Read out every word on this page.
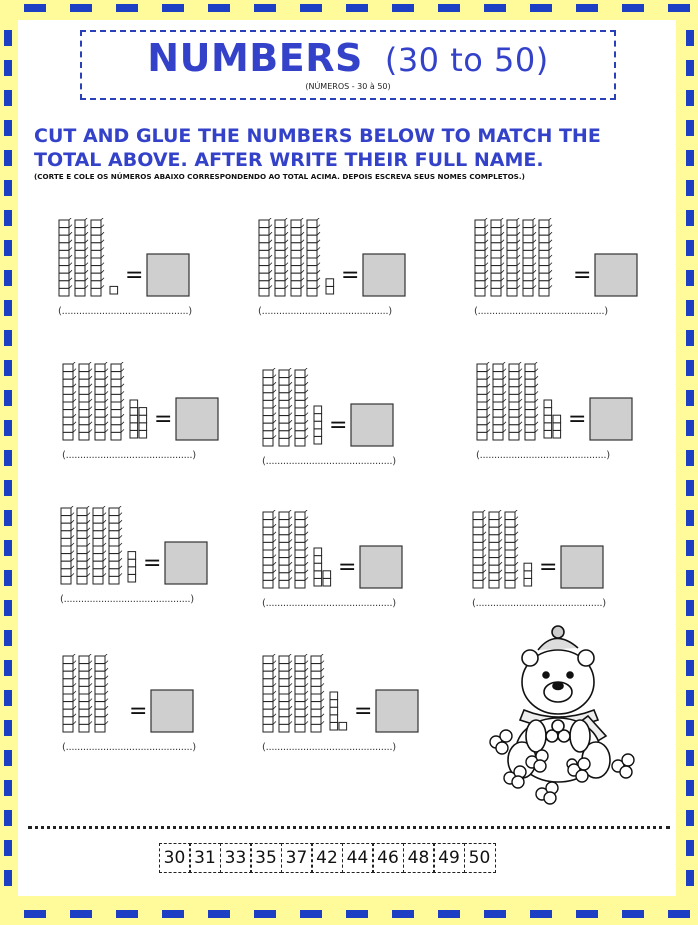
NUMBERS (30 to 50)
(NÚMEROS - 30 à 50)
CUT AND GLUE THE NUMBERS BELOW TO MATCH THE TOTAL ABOVE. AFTER WRITE THEIR FULL NAME.
(CORTE E COLE OS NÚMEROS ABAIXO CORRESPONDENDO AO TOTAL ACIMA. DEPOIS ESCREVA SEUS NOMES COMPLETOS.)
=
(............................................)
=
(............................................)
=
(............................................)
=
(............................................)
=
(............................................)
=
(............................................)
=
(............................................)
=
(............................................)
=
(............................................)
=
(............................................)
=
(............................................)
30 31 33 35 37 42 44 46 48 49 50
